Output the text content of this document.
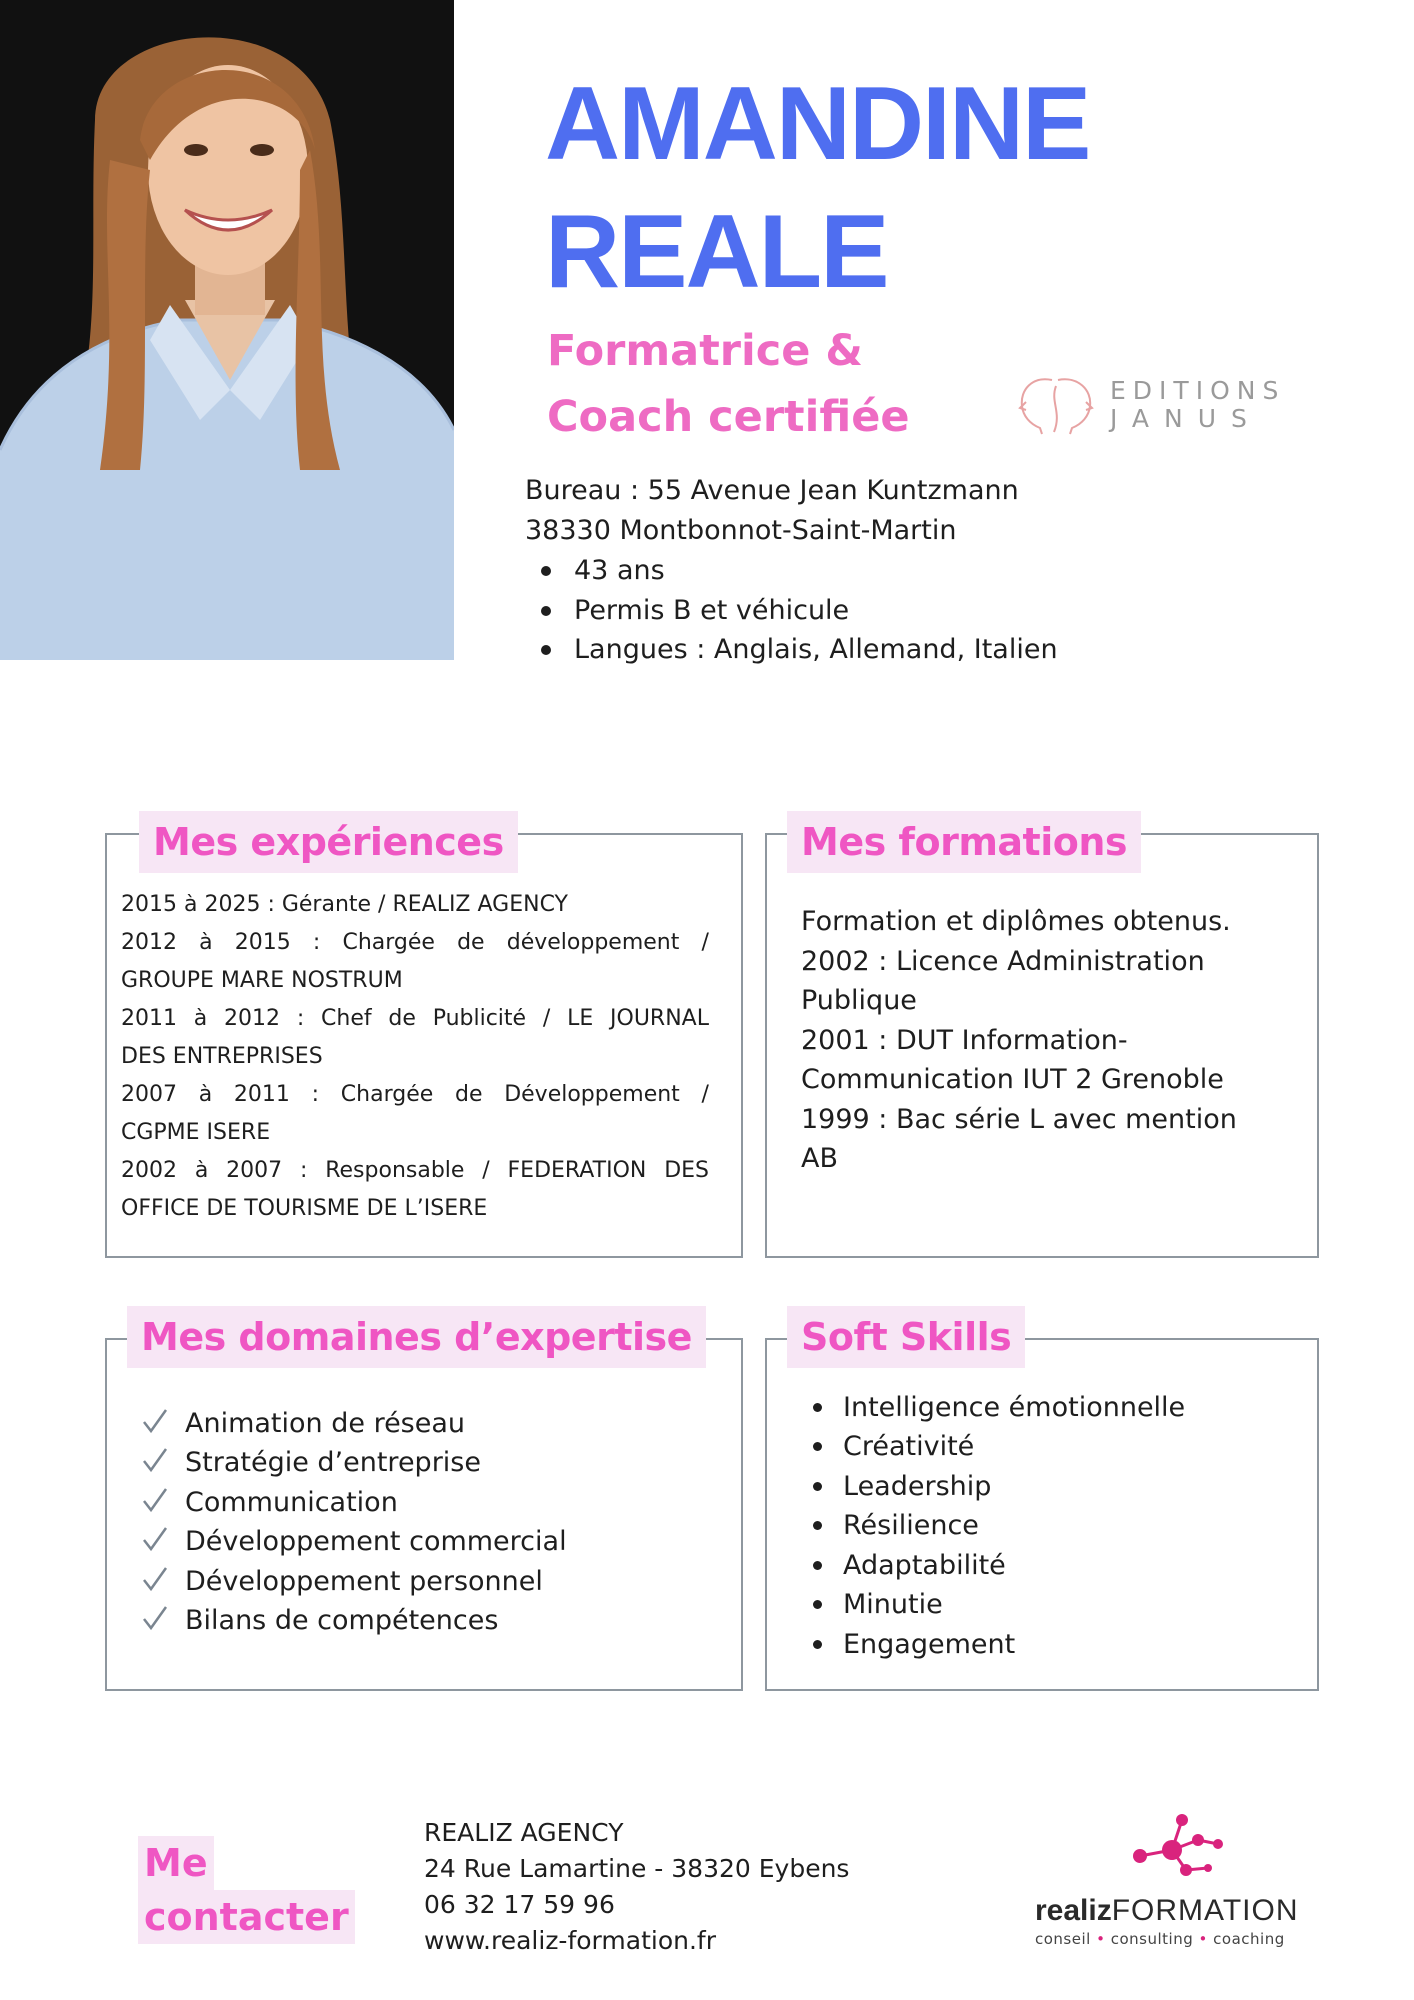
AMANDINE
REALE
Formatrice &
Coach certifiée
EDITIONS
JANUS
Bureau : 55 Avenue Jean Kuntzmann
38330 Montbonnot-Saint-Martin
43 ans
Permis B et véhicule
Langues : Anglais, Allemand, Italien
Mes expériences
2015 à 2025 : Gérante / REALIZ AGENCY
2012 à 2015 : Chargée de développement /
GROUPE MARE NOSTRUM
2011 à 2012 : Chef de Publicité / LE JOURNAL
DES ENTREPRISES
2007 à 2011 : Chargée de Développement /
CGPME ISERE
2002 à 2007 : Responsable / FEDERATION DES
OFFICE DE TOURISME DE L’ISERE
Mes formations
Formation et diplômes obtenus.
2002 : Licence Administration
Publique
2001 : DUT Information-
Communication IUT 2 Grenoble
1999 : Bac série L avec mention
AB
Mes domaines d’expertise
Animation de réseau
Stratégie d’entreprise
Communication
Développement commercial
Développement personnel
Bilans de compétences
Soft Skills
Intelligence émotionnelle
Créativité
Leadership
Résilience
Adaptabilité
Minutie
Engagement
Me
contacter
REALIZ AGENCY
24 Rue Lamartine - 38320 Eybens
06 32 17 59 96
www.realiz-formation.fr
realizFORMATION
conseil • consulting • coaching
